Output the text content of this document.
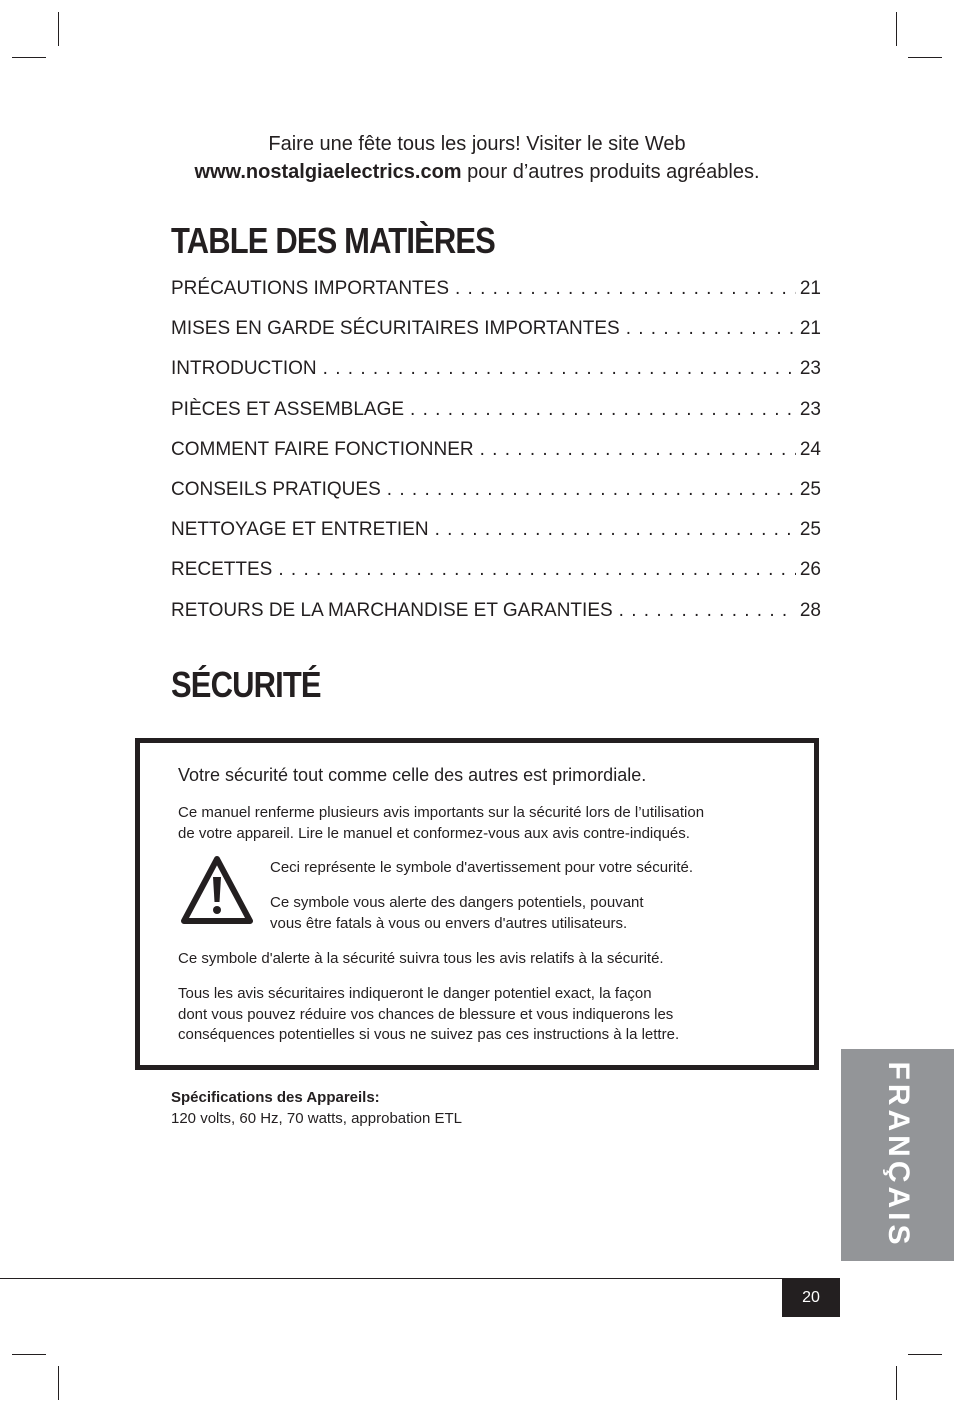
Faire une fête tous les jours! Visiter le site Web
www.nostalgiaelectrics.com pour d’autres produits agréables.
TABLE DES MATIÈRES
PRÉCAUTIONS IMPORTANTES . . .	21
MISES EN GARDE SÉCURITAIRES IMPORTANTES . . .	21
INTRODUCTION . . .	23
PIÈCES ET ASSEMBLAGE . . .	23
COMMENT FAIRE FONCTIONNER . . .	24
CONSEILS PRATIQUES . . .	25
NETTOYAGE ET ENTRETIEN . . .	25
RECETTES . . .	26
RETOURS DE LA MARCHANDISE ET GARANTIES . . .	28
SÉCURITÉ
Votre sécurité tout comme celle des autres est primordiale.
Ce manuel renferme plusieurs avis importants sur la sécurité lors de l’utilisation
de votre appareil. Lire le manuel et conformez-vous aux avis contre-indiqués.
Ceci représente le symbole d'avertissement pour votre sécurité.
Ce symbole vous alerte des dangers potentiels, pouvant
vous être fatals à vous ou envers d'autres utilisateurs.
Ce symbole d'alerte à la sécurité suivra tous les avis relatifs à la sécurité.
Tous les avis sécuritaires indiqueront le danger potentiel exact, la façon
dont vous pouvez réduire vos chances de blessure et vous indiquerons les
conséquences potentielles si vous ne suivez pas ces instructions à la lettre.
Spécifications des Appareils:
120 volts, 60 Hz, 70 watts, approbation ETL	FRANÇAIS
20
